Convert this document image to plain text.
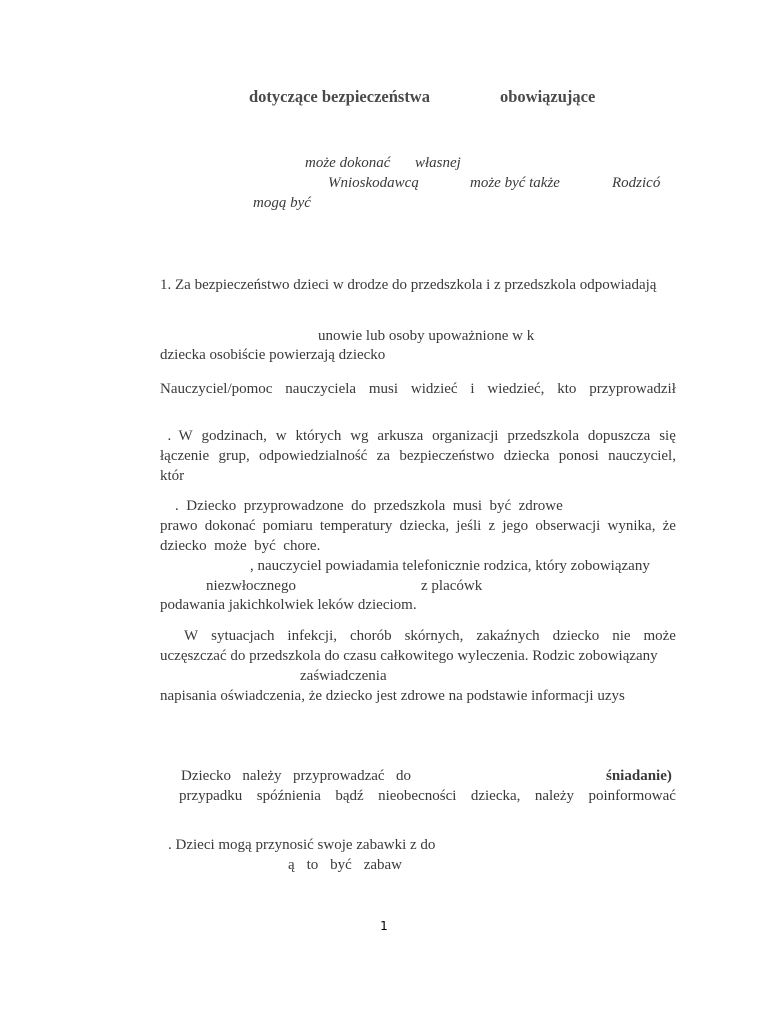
dotyczące bezpieczeństwa	obowiązujące
może dokonać własnej
Wnioskodawcą	może być także	Rodzicó
mogą być
1. Za bezpieczeństwo dzieci w drodze do przedszkola i z przedszkola odpowiadają
unowie lub osoby upoważnione w k
dziecka osobiście powierzają dziecko
Nauczyciel/pomoc nauczyciela musi widzieć i wiedzieć, kto przyprowadził
.  W godzinach, w których wg arkusza organizacji przedszkola dopuszcza się
łączenie grup, odpowiedzialność za bezpieczeństwo dziecka ponosi nauczyciel,
któr
.  Dziecko  przyprowadzone  do  przedszkola  musi  być  zdrowe
prawo dokonać pomiaru temperatury dziecka, jeśli z jego obserwacji wynika, że
dziecko  może  być  chore.
, nauczyciel powiadamia telefonicznie rodzica, który zobowiązany
niezwłocznego	z placówk
podawania jakichkolwiek leków dzieciom.
W sytuacjach infekcji, chorób skórnych, zakaźnych dziecko nie może
uczęszczać do przedszkola do czasu całkowitego wyleczenia. Rodzic zobowiązany
zaświadczenia
napisania oświadczenia, że dziecko jest zdrowe na podstawie informacji uzys
Dziecko należy przyprowadzać do	śniadanie)
przypadku spóźnienia bądź nieobecności dziecka, należy poinformować
. Dzieci mogą przynosić swoje zabawki z do
ą to być zabaw
1
